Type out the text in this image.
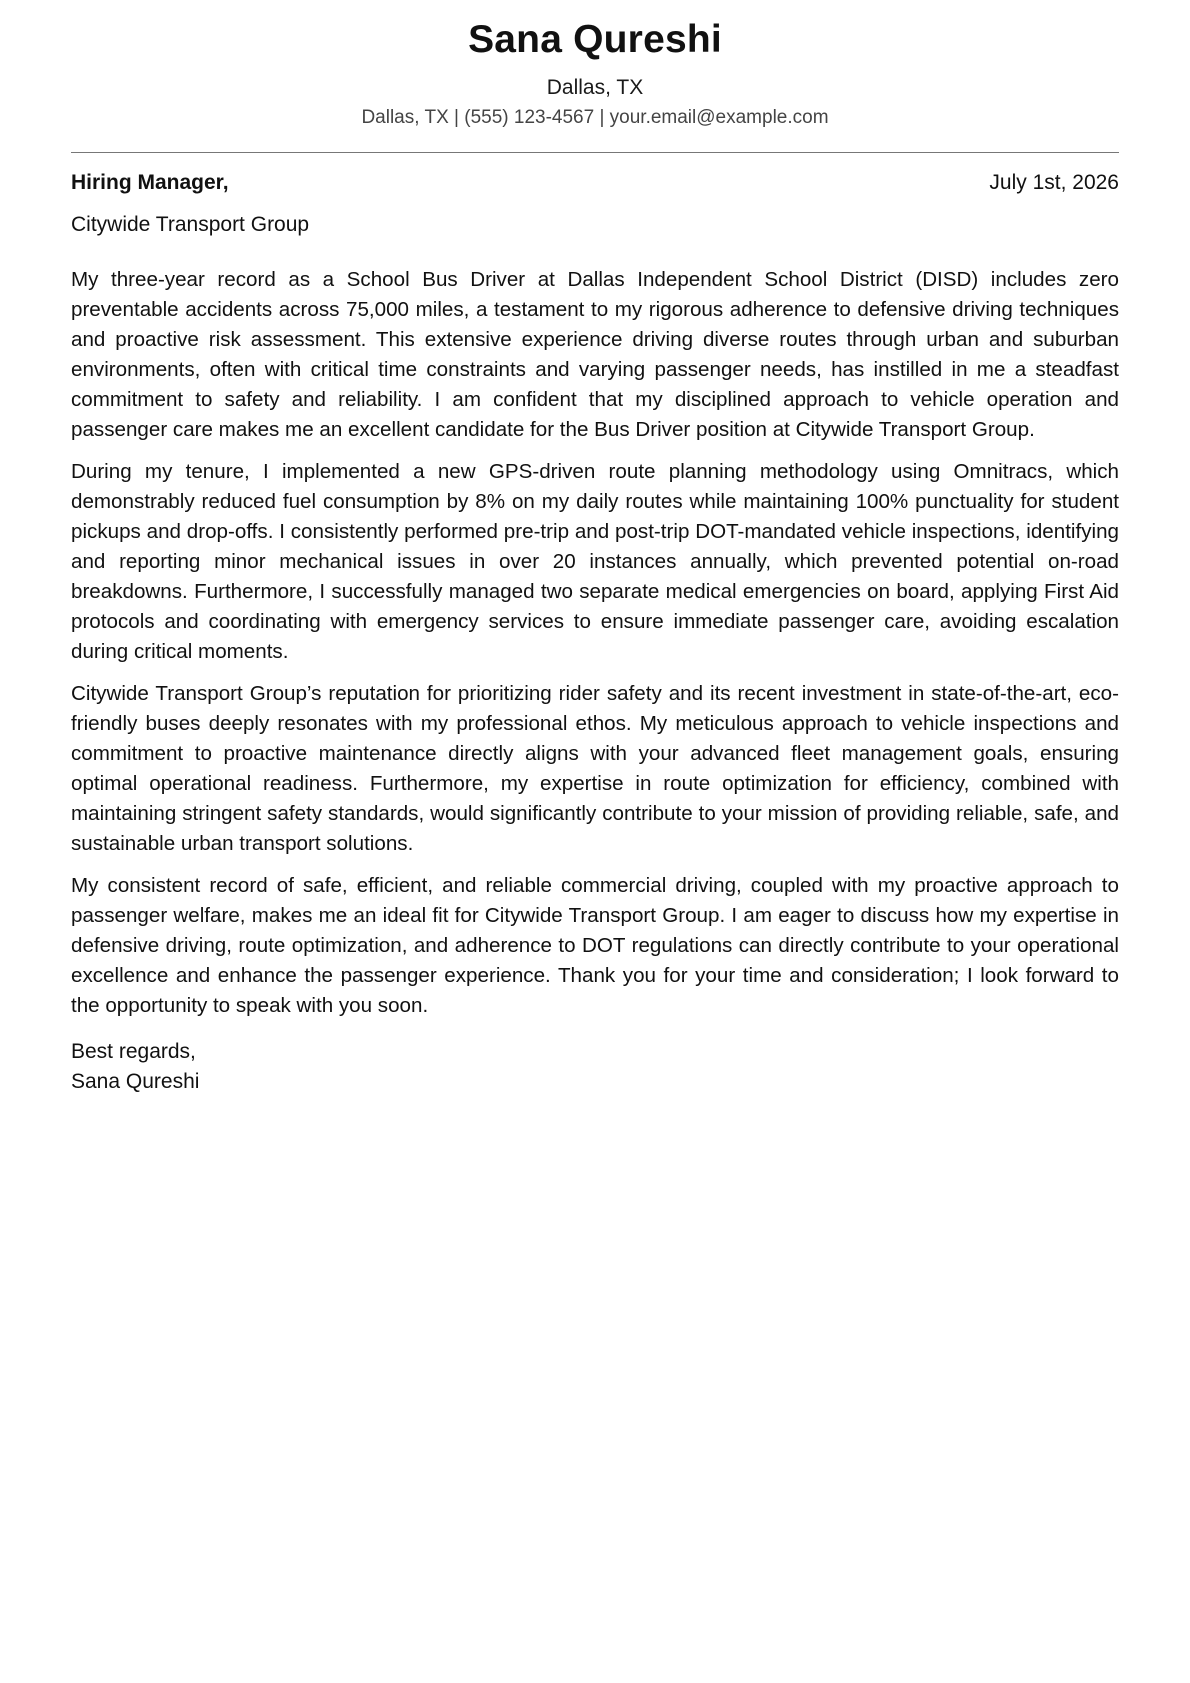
Sana Qureshi
Dallas, TX
Dallas, TX | (555) 123-4567 | your.email@example.com
Hiring Manager,	July 1st, 2026
Citywide Transport Group

My three-year record as a School Bus Driver at Dallas Independent School District (DISD) includes zero preventable accidents across 75,000 miles, a testament to my rigorous adherence to defensive driving techniques and proactive risk assessment. This extensive experience driving diverse routes through urban and suburban environments, often with critical time constraints and varying passenger needs, has instilled in me a steadfast commitment to safety and reliability. I am confident that my disciplined approach to vehicle operation and passenger care makes me an excellent candidate for the Bus Driver position at Citywide Transport Group.

During my tenure, I implemented a new GPS-driven route planning methodology using Omnitracs, which demonstrably reduced fuel consumption by 8% on my daily routes while maintaining 100% punctuality for student pickups and drop-offs. I consistently performed pre-trip and post-trip DOT-mandated vehicle inspections, identifying and reporting minor mechanical issues in over 20 instances annually, which prevented potential on-road breakdowns. Furthermore, I successfully managed two separate medical emergencies on board, applying First Aid protocols and coordinating with emergency services to ensure immediate passenger care, avoiding escalation during critical moments.

Citywide Transport Group’s reputation for prioritizing rider safety and its recent investment in state-of-the-art, eco-friendly buses deeply resonates with my professional ethos. My meticulous approach to vehicle inspections and commitment to proactive maintenance directly aligns with your advanced fleet management goals, ensuring optimal operational readiness. Furthermore, my expertise in route optimization for efficiency, combined with maintaining stringent safety standards, would significantly contribute to your mission of providing reliable, safe, and sustainable urban transport solutions.

My consistent record of safe, efficient, and reliable commercial driving, coupled with my proactive approach to passenger welfare, makes me an ideal fit for Citywide Transport Group. I am eager to discuss how my expertise in defensive driving, route optimization, and adherence to DOT regulations can directly contribute to your operational excellence and enhance the passenger experience. Thank you for your time and consideration; I look forward to the opportunity to speak with you soon.

Best regards,
Sana Qureshi
